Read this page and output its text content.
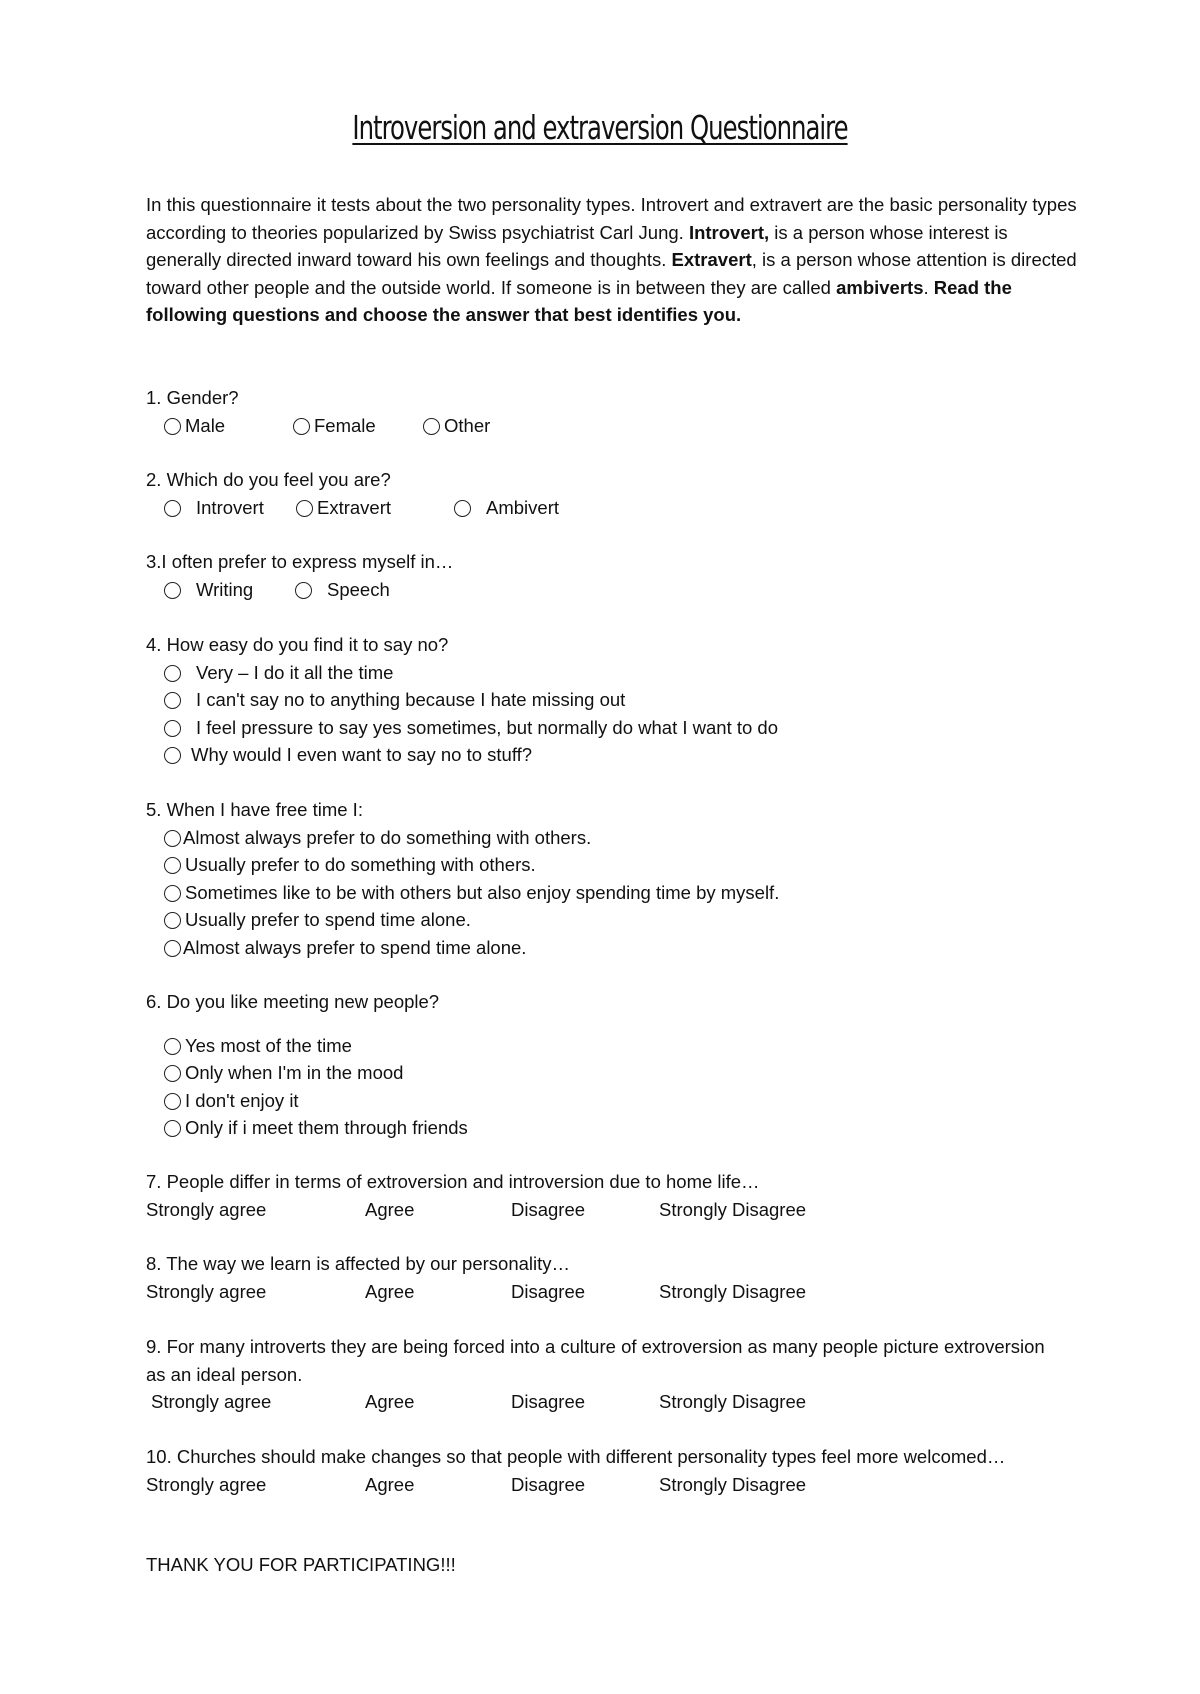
Introversion and extraversion Questionnaire

In this questionnaire it tests about the two personality types. Introvert and extravert are the basic personality types according to theories popularized by Swiss psychiatrist Carl Jung. Introvert, is a person whose interest is generally directed inward toward his own feelings and thoughts. Extravert, is a person whose attention is directed toward other people and the outside world. If someone is in between they are called ambiverts. Read the following questions and choose the answer that best identifies you.

1. Gender?
Male	Female	Other
2. Which do you feel you are?
Introvert	Extravert	Ambivert
3.I often prefer to express myself in…
Writing	Speech
4. How easy do you find it to say no?
Very – I do it all the time
I can't say no to anything because I hate missing out
I feel pressure to say yes sometimes, but normally do what I want to do
Why would I even want to say no to stuff?
5. When I have free time I:
Almost always prefer to do something with others.
Usually prefer to do something with others.
Sometimes like to be with others but also enjoy spending time by myself.
Usually prefer to spend time alone.
Almost always prefer to spend time alone.
6. Do you like meeting new people?
Yes most of the time
Only when I'm in the mood
I don't enjoy it
Only if i meet them through friends
7. People differ in terms of extroversion and introversion due to home life…
Strongly agree	Agree	Disagree	Strongly Disagree
8. The way we learn is affected by our personality…
Strongly agree	Agree	Disagree	Strongly Disagree
9. For many introverts they are being forced into a culture of extroversion as many people picture extroversion as an ideal person.
Strongly agree	Agree	Disagree	Strongly Disagree
10. Churches should make changes so that people with different personality types feel more welcomed…
Strongly agree	Agree	Disagree	Strongly Disagree
THANK YOU FOR PARTICIPATING!!!
